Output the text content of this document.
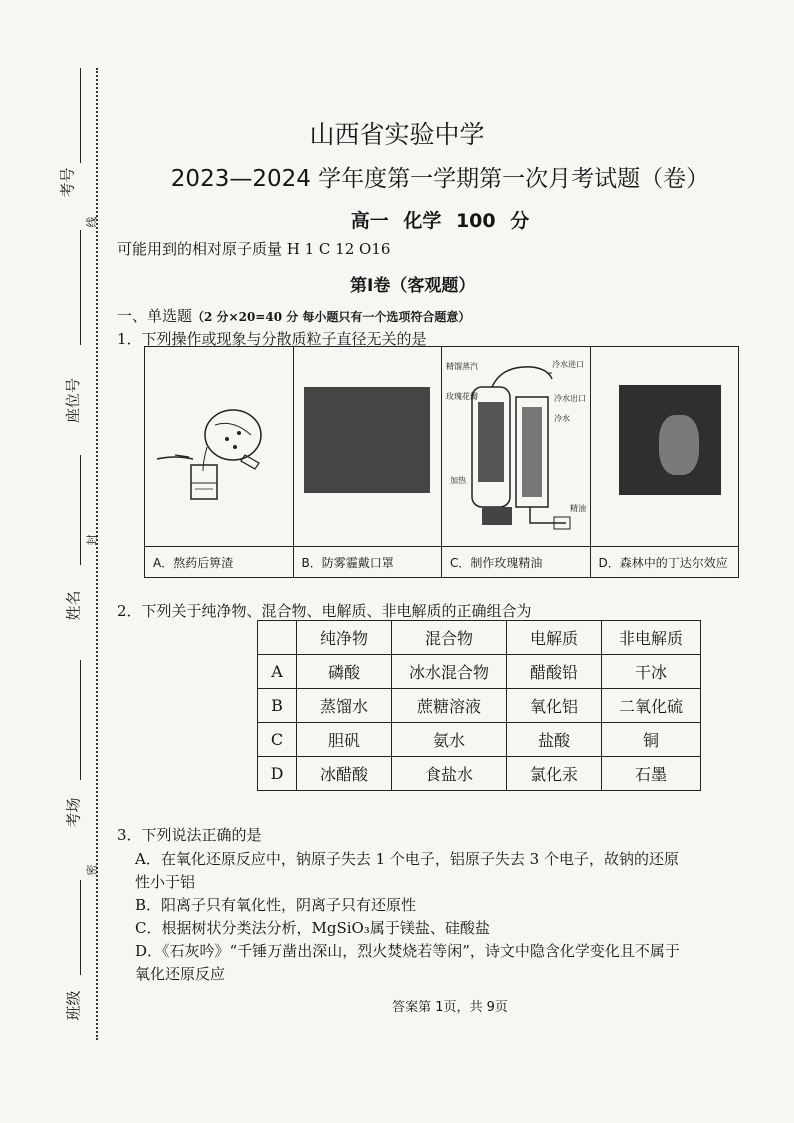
考号
线
座位号
封
姓名
考场
密
班级
山西省实验中学
2023—2024 学年度第一学期第一次月考试题（卷）
高一 化学 100 分
可能用到的相对原子质量 H 1 C 12 O16
第Ⅰ卷（客观题）
一、单选题（2 分×20=40 分 每小题只有一个选项符合题意）
1．下列操作或现象与分散质粒子直径无关的是
A．熬药后箅渣	B．防雾霾戴口罩
精馏蒸汽	冷水进口
玫瑰花瓣	冷水出口
冷水
加热
精油
C．制作玫瑰精油	D．森林中的丁达尔效应
2．下列关于纯净物、混合物、电解质、非电解质的正确组合为
	纯净物	混合物	电解质	非电解质
A	磷酸	冰水混合物	醋酸铅	干冰
B	蒸馏水	蔗糖溶液	氧化铝	二氧化硫
C	胆矾	氨水	盐酸	铜
D	冰醋酸	食盐水	氯化汞	石墨
3．下列说法正确的是
A．在氧化还原反应中，钠原子失去 1 个电子，铝原子失去 3 个电子，故钠的还原
性小于铝
B．阳离子只有氧化性，阴离子只有还原性
C．根据树状分类法分析，MgSiO₃属于镁盐、硅酸盐
D．《石灰吟》“千锤万凿出深山，烈火焚烧若等闲”，诗文中隐含化学变化且不属于
氧化还原反应
答案第 1页，共 9页
